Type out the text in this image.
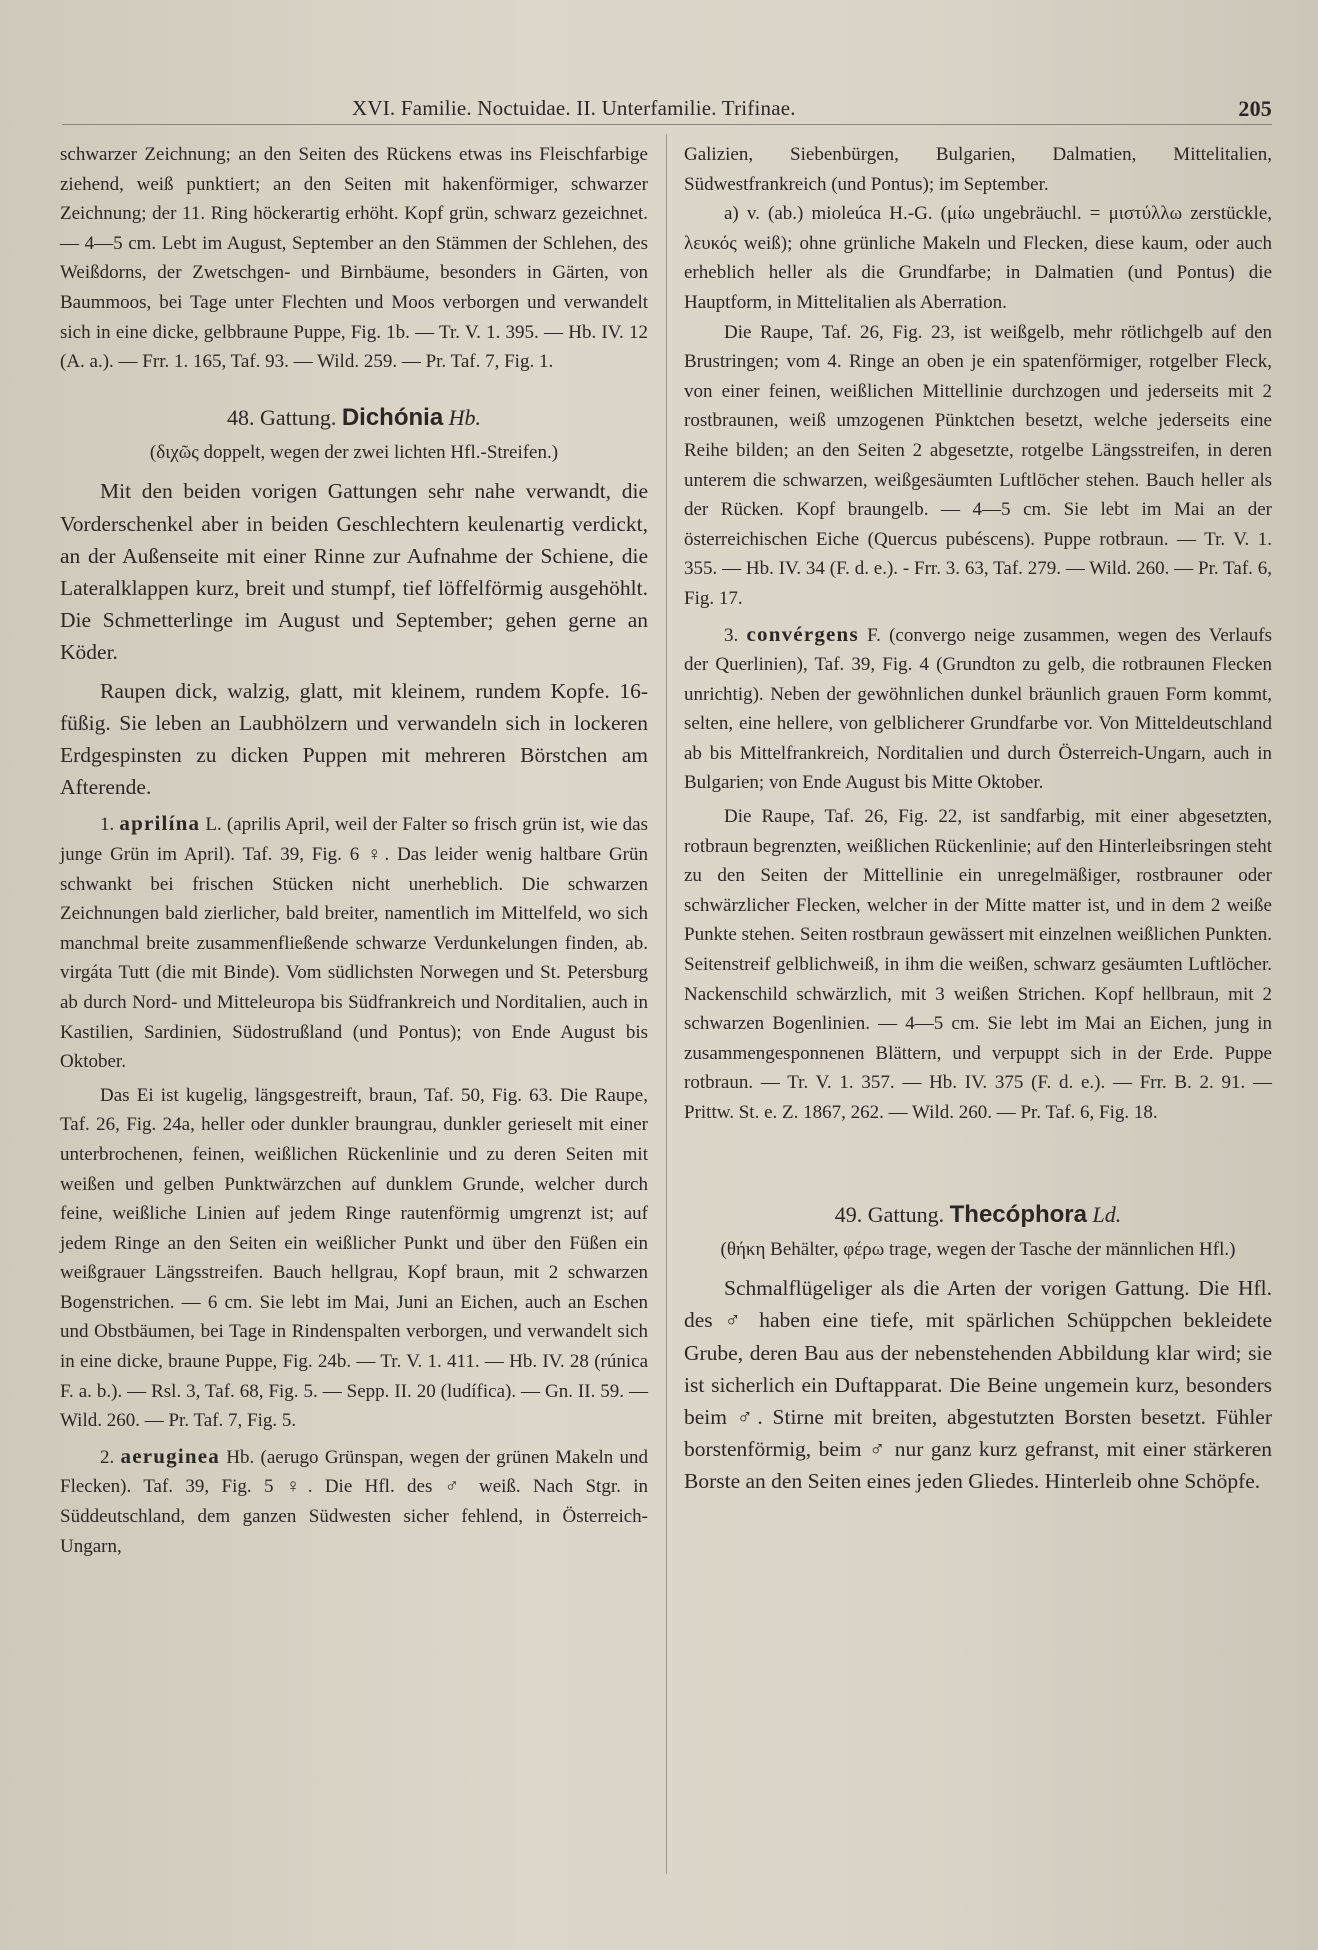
XVI. Familie. Noctuidae. II. Unterfamilie. Trifinae.	205

schwarzer Zeichnung; an den Seiten des Rückens etwas ins Fleischfarbige ziehend, weiß punktiert; an den Seiten mit hakenförmiger, schwarzer Zeichnung; der 11. Ring höckerartig erhöht. Kopf grün, schwarz gezeichnet. — 4—5 cm. Lebt im August, September an den Stämmen der Schlehen, des Weißdorns, der Zwetschgen- und Birnbäume, besonders in Gärten, von Baummoos, bei Tage unter Flechten und Moos verborgen und verwandelt sich in eine dicke, gelbbraune Puppe, Fig. 1b. — Tr. V. 1. 395. — Hb. IV. 12 (A. a.). — Frr. 1. 165, Taf. 93. — Wild. 259. — Pr. Taf. 7, Fig. 1.

48. Gattung. Dichónia Hb.
(διχῶς doppelt, wegen der zwei lichten Hfl.-Streifen.)

Mit den beiden vorigen Gattungen sehr nahe verwandt, die Vorderschenkel aber in beiden Geschlechtern keulenartig verdickt, an der Außenseite mit einer Rinne zur Aufnahme der Schiene, die Lateralklappen kurz, breit und stumpf, tief löffelförmig ausgehöhlt. Die Schmetterlinge im August und September; gehen gerne an Köder.

Raupen dick, walzig, glatt, mit kleinem, rundem Kopfe. 16-füßig. Sie leben an Laubhölzern und verwandeln sich in lockeren Erdgespinsten zu dicken Puppen mit mehreren Börstchen am Afterende.

1. aprilína L. (aprilis April, weil der Falter so frisch grün ist, wie das junge Grün im April). Taf. 39, Fig. 6 ♀. Das leider wenig haltbare Grün schwankt bei frischen Stücken nicht unerheblich. Die schwarzen Zeichnungen bald zierlicher, bald breiter, namentlich im Mittelfeld, wo sich manchmal breite zusammenfließende schwarze Verdunkelungen finden, ab. virgáta Tutt (die mit Binde). Vom südlichsten Norwegen und St. Petersburg ab durch Nord- und Mitteleuropa bis Südfrankreich und Norditalien, auch in Kastilien, Sardinien, Südostrußland (und Pontus); von Ende August bis Oktober.

Das Ei ist kugelig, längsgestreift, braun, Taf. 50, Fig. 63. Die Raupe, Taf. 26, Fig. 24a, heller oder dunkler braungrau, dunkler gerieselt mit einer unterbrochenen, feinen, weißlichen Rückenlinie und zu deren Seiten mit weißen und gelben Punktwärzchen auf dunklem Grunde, welcher durch feine, weißliche Linien auf jedem Ringe rautenförmig umgrenzt ist; auf jedem Ringe an den Seiten ein weißlicher Punkt und über den Füßen ein weißgrauer Längsstreifen. Bauch hellgrau, Kopf braun, mit 2 schwarzen Bogenstrichen. — 6 cm. Sie lebt im Mai, Juni an Eichen, auch an Eschen und Obstbäumen, bei Tage in Rindenspalten verborgen, und verwandelt sich in eine dicke, braune Puppe, Fig. 24b. — Tr. V. 1. 411. — Hb. IV. 28 (rúnica F. a. b.). — Rsl. 3, Taf. 68, Fig. 5. — Sepp. II. 20 (ludífica). — Gn. II. 59. — Wild. 260. — Pr. Taf. 7, Fig. 5.

2. aeruginea Hb. (aerugo Grünspan, wegen der grünen Makeln und Flecken). Taf. 39, Fig. 5 ♀. Die Hfl. des ♂ weiß. Nach Stgr. in Süddeutschland, dem ganzen Südwesten sicher fehlend, in Österreich-Ungarn,

Galizien, Siebenbürgen, Bulgarien, Dalmatien, Mittelitalien, Südwestfrankreich (und Pontus); im September.

a) v. (ab.) mioleúca H.-G. (μίω ungebräuchl. = μιστύλλω zerstückle, λευκός weiß); ohne grünliche Makeln und Flecken, diese kaum, oder auch erheblich heller als die Grundfarbe; in Dalmatien (und Pontus) die Hauptform, in Mittelitalien als Aberration.

Die Raupe, Taf. 26, Fig. 23, ist weißgelb, mehr rötlichgelb auf den Brustringen; vom 4. Ringe an oben je ein spatenförmiger, rotgelber Fleck, von einer feinen, weißlichen Mittellinie durchzogen und jederseits mit 2 rostbraunen, weiß umzogenen Pünktchen besetzt, welche jederseits eine Reihe bilden; an den Seiten 2 abgesetzte, rotgelbe Längsstreifen, in deren unterem die schwarzen, weißgesäumten Luftlöcher stehen. Bauch heller als der Rücken. Kopf braungelb. — 4—5 cm. Sie lebt im Mai an der österreichischen Eiche (Quercus pubéscens). Puppe rotbraun. — Tr. V. 1. 355. — Hb. IV. 34 (F. d. e.). - Frr. 3. 63, Taf. 279. — Wild. 260. — Pr. Taf. 6, Fig. 17.

3. convérgens F. (convergo neige zusammen, wegen des Verlaufs der Querlinien), Taf. 39, Fig. 4 (Grundton zu gelb, die rotbraunen Flecken unrichtig). Neben der gewöhnlichen dunkel bräunlich grauen Form kommt, selten, eine hellere, von gelblicherer Grundfarbe vor. Von Mitteldeutschland ab bis Mittelfrankreich, Norditalien und durch Österreich-Ungarn, auch in Bulgarien; von Ende August bis Mitte Oktober.

Die Raupe, Taf. 26, Fig. 22, ist sandfarbig, mit einer abgesetzten, rotbraun begrenzten, weißlichen Rückenlinie; auf den Hinterleibsringen steht zu den Seiten der Mittellinie ein unregelmäßiger, rostbrauner oder schwärzlicher Flecken, welcher in der Mitte matter ist, und in dem 2 weiße Punkte stehen. Seiten rostbraun gewässert mit einzelnen weißlichen Punkten. Seitenstreif gelblichweiß, in ihm die weißen, schwarz gesäumten Luftlöcher. Nackenschild schwärzlich, mit 3 weißen Strichen. Kopf hellbraun, mit 2 schwarzen Bogenlinien. — 4—5 cm. Sie lebt im Mai an Eichen, jung in zusammengesponnenen Blättern, und verpuppt sich in der Erde. Puppe rotbraun. — Tr. V. 1. 357. — Hb. IV. 375 (F. d. e.). — Frr. B. 2. 91. — Prittw. St. e. Z. 1867, 262. — Wild. 260. — Pr. Taf. 6, Fig. 18.

49. Gattung. Thecóphora Ld.
(θήκη Behälter, φέρω trage, wegen der Tasche der männlichen Hfl.)

Schmalflügeliger als die Arten der vorigen Gattung. Die Hfl. des ♂ haben eine tiefe, mit spärlichen Schüppchen bekleidete Grube, deren Bau aus der nebenstehenden Abbildung klar wird; sie ist sicherlich ein Duftapparat. Die Beine ungemein kurz, besonders beim ♂. Stirne mit breiten, abgestutzten Borsten besetzt. Fühler borstenförmig, beim ♂ nur ganz kurz gefranst, mit einer stärkeren Borste an den Seiten eines jeden Gliedes. Hinterleib ohne Schöpfe.
